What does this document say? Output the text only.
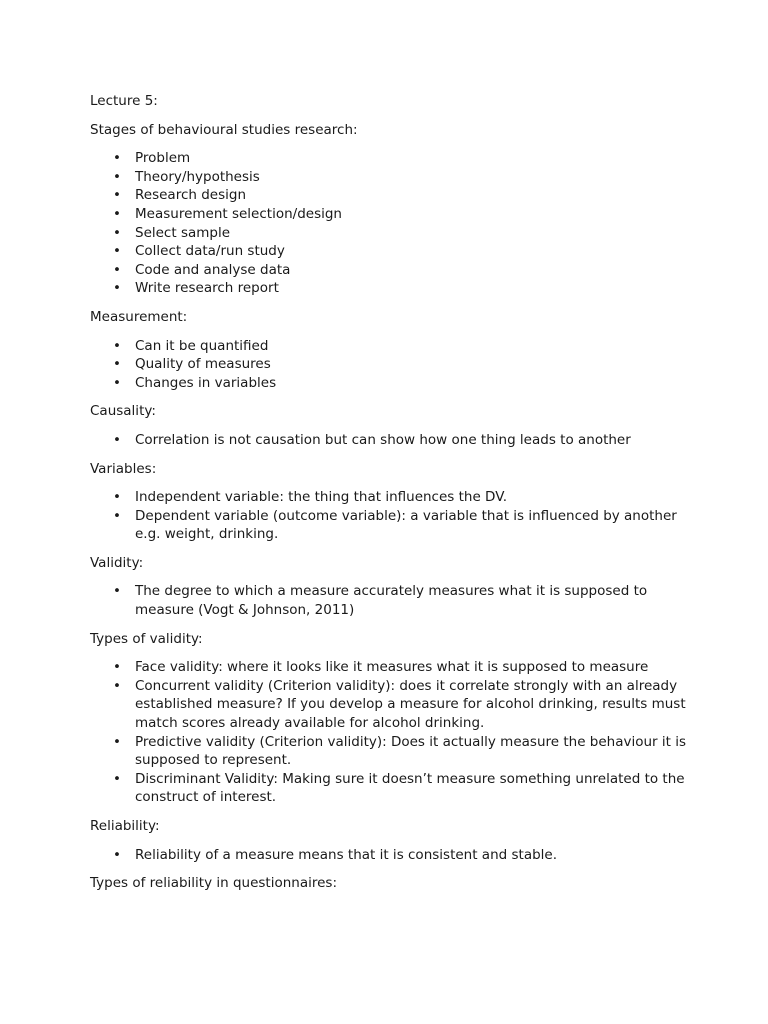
Lecture 5:

Stages of behavioural studies research:

• Problem
• Theory/hypothesis
• Research design
• Measurement selection/design
• Select sample
• Collect data/run study
• Code and analyse data
• Write research report

Measurement:

• Can it be quantified
• Quality of measures
• Changes in variables

Causality:

• Correlation is not causation but can show how one thing leads to another

Variables:

• Independent variable: the thing that influences the DV.
• Dependent variable (outcome variable): a variable that is influenced by another e.g. weight, drinking.

Validity:

• The degree to which a measure accurately measures what it is supposed to measure (Vogt & Johnson, 2011)

Types of validity:

• Face validity: where it looks like it measures what it is supposed to measure
• Concurrent validity (Criterion validity): does it correlate strongly with an already established measure? If you develop a measure for alcohol drinking, results must match scores already available for alcohol drinking.
• Predictive validity (Criterion validity): Does it actually measure the behaviour it is supposed to represent.
• Discriminant Validity: Making sure it doesn’t measure something unrelated to the construct of interest.

Reliability:

• Reliability of a measure means that it is consistent and stable.

Types of reliability in questionnaires:
